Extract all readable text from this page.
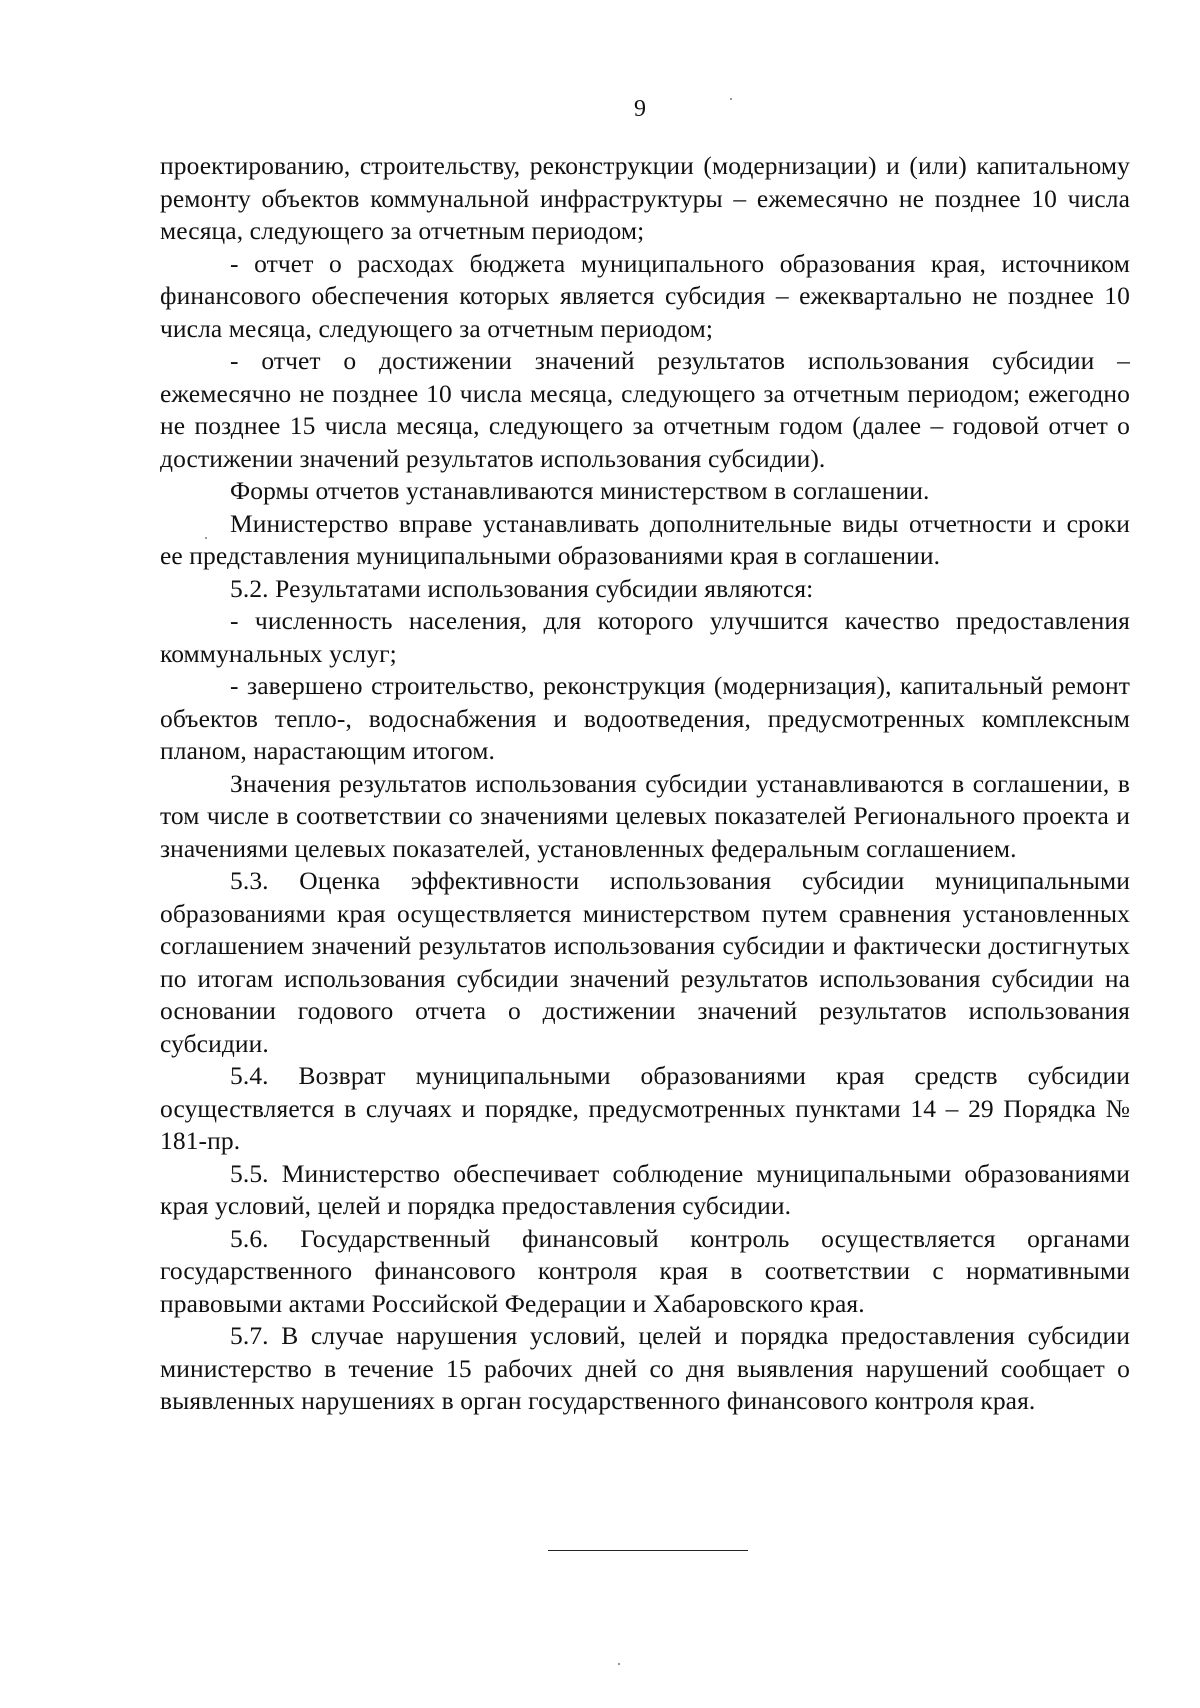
9

проектированию, строительству, реконструкции (модернизации) и (или) капитальному ремонту объектов коммунальной инфраструктуры – ежемесячно не позднее 10 числа месяца, следующего за отчетным периодом;

- отчет о расходах бюджета муниципального образования края, источником финансового обеспечения которых является субсидия – ежеквартально не позднее 10 числа месяца, следующего за отчетным периодом;

- отчет о достижении значений результатов использования субсидии – ежемесячно не позднее 10 числа месяца, следующего за отчетным периодом; ежегодно не позднее 15 числа месяца, следующего за отчетным годом (далее – годовой отчет о достижении значений результатов использования субсидии).

Формы отчетов устанавливаются министерством в соглашении.

Министерство вправе устанавливать дополнительные виды отчетности и сроки ее представления муниципальными образованиями края в соглашении.

5.2. Результатами использования субсидии являются:

- численность населения, для которого улучшится качество предоставления коммунальных услуг;

- завершено строительство, реконструкция (модернизация), капитальный ремонт объектов тепло-, водоснабжения и водоотведения, предусмотренных комплексным планом, нарастающим итогом.

Значения результатов использования субсидии устанавливаются в соглашении, в том числе в соответствии со значениями целевых показателей Регионального проекта и значениями целевых показателей, установленных федеральным соглашением.

5.3. Оценка эффективности использования субсидии муниципальными образованиями края осуществляется министерством путем сравнения установленных соглашением значений результатов использования субсидии и фактически достигнутых по итогам использования субсидии значений результатов использования субсидии на основании годового отчета о достижении значений результатов использования субсидии.

5.4. Возврат муниципальными образованиями края средств субсидии осуществляется в случаях и порядке, предусмотренных пунктами 14 – 29 Порядка № 181-пр.

5.5. Министерство обеспечивает соблюдение муниципальными образованиями края условий, целей и порядка предоставления субсидии.

5.6. Государственный финансовый контроль осуществляется органами государственного финансового контроля края в соответствии с нормативными правовыми актами Российской Федерации и Хабаровского края.

5.7. В случае нарушения условий, целей и порядка предоставления субсидии министерство в течение 15 рабочих дней со дня выявления нарушений сообщает о выявленных нарушениях в орган государственного финансового контроля края.
